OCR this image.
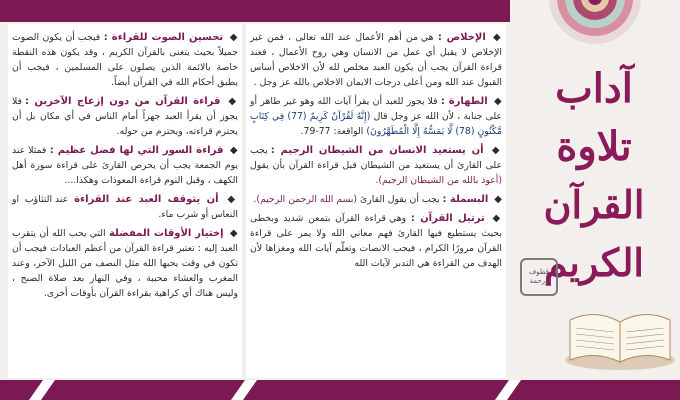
◆ الإخلاص : هي من أهم الأعمال عند الله تعالى ، فمن غير الإخلاص لا يقبل أي عمل من الانسان وهي روح الأعمال ، فعند قراءة القرآن يجب أن يكون العبد مخلص لله لأن الاخلاص أساس القبول عند الله ومن أعلى درجات الايمان الاخلاص بالله عز وجل .

◆ الطهارة : فلا يجوز للعبد أن يقرأ آيات الله وهو غير طاهر أو على جنابة ، لأن الله عز وجل قال (إِنَّهُ لَقُرْآنٌ كَرِيمٌ (77) فِي كِتَابٍ مَّكْنُونٍ (78) لَّا يَمَسُّهُ إِلَّا الْمُطَهَّرُونَ) الواقعة: 77-79.

◆ أن يستعيذ الانسان من الشيطان الرجيم : يجب على القارئ أن يستعيذ من الشيطان قبل قراءة القرآن بأن يقول (أعوذ بالله من الشيطان الرجيم).

◆ البسملة : يجب أن يقول القارئ (بسم الله الرحمن الرحيم).

◆ ترتيل القرآن : وهي قراءة القرآن بتمعن شديد وبخطى بحيث يستطيع فيها القارئ فهم معاني الله ولا يمر على قراءة القرآن مرورًا الكرام ، فيجب الانصات وتعلّم آيات الله ومغزاها لأن الهدف من القراءة هي التدبر لآيات الله

◆ تحسين الصوت للقراءة : فيجب أن يكون الصوت جميلاً بحيث يتغنى بالقرآن الكريم ، وقد يكون هذه النقطة خاصة بالائمة الذين يصلون على المسلمين ، فيجب أن يطبق أحكام الله في القرآن أيضاً.

◆ قراءة القرآن من دون إزعاج الآخرين : فلا يجوز أن يقرأ العبد جهراً أمام الناس في أي مكان بل أن يحترم قراءته، ويحترم من حوله.

◆ قراءة السور التي لها فضل عظيم : فمثلا عند يوم الجمعة يجب أن يحرص القارئ على قراءة سورة أهل الكهف ، وقبل النوم قراءة المعوذات وهكذا....

◆ أن يتوقف العبد عند القراءة عند التثاؤب او النعاس أو شرب ماء.

◆ إختيار الأوقات المفضلة التي يحب الله أن يتقرب العبد إليه : تعتبر قراءة القرآن من أعظم العبادات فيجب أن تكون في وقت يحبها الله مثل النصف من الليل الآخر، وعند المغرب والعشاء محببة ، وفي النهار بعد صلاة الصبح ، وليس هناك أي كراهية بقراءة القرآن بأوقات أخرى.

آداب
تلاوة
القرآن
الكريم
قطوف ورحمة
